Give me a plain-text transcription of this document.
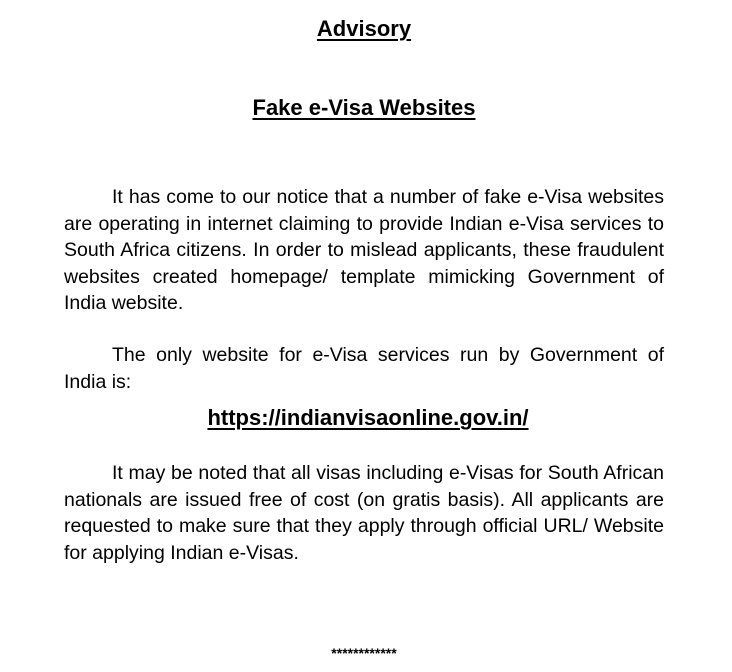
Advisory
Fake e-Visa Websites

It has come to our notice that a number of fake e-Visa websites are operating in internet claiming to provide Indian e-Visa services to South Africa citizens. In order to mislead applicants, these fraudulent websites created homepage/ template mimicking Government of India website.

The only website for e-Visa services run by Government of India is:

https://indianvisaonline.gov.in/

It may be noted that all visas including e-Visas for South African nationals are issued free of cost (on gratis basis). All applicants are requested to make sure that they apply through official URL/ Website for applying Indian e-Visas.

************
